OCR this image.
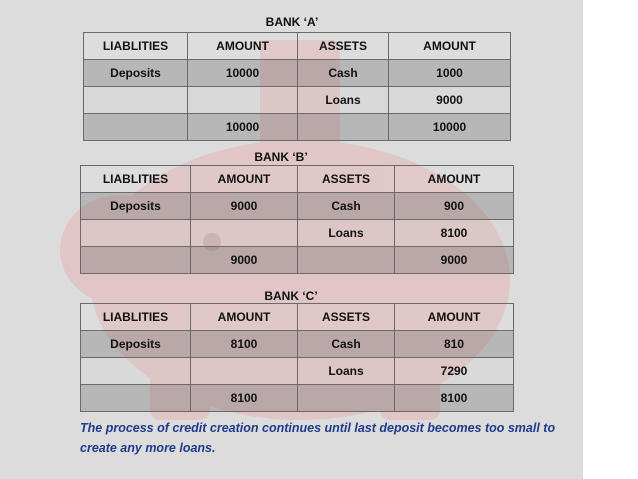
BANK ‘A’
LIABLITIES	AMOUNT	ASSETS	AMOUNT
Deposits	10000	Cash	1000
		Loans	9000
	10000		10000
BANK ‘B’
LIABLITIES	AMOUNT	ASSETS	AMOUNT
Deposits	9000	Cash	900
		Loans	8100
	9000		9000
BANK ‘C’
LIABLITIES	AMOUNT	ASSETS	AMOUNT
Deposits	8100	Cash	810
		Loans	7290
	8100		8100
The process of credit creation continues until last deposit becomes too small to create any more loans.
